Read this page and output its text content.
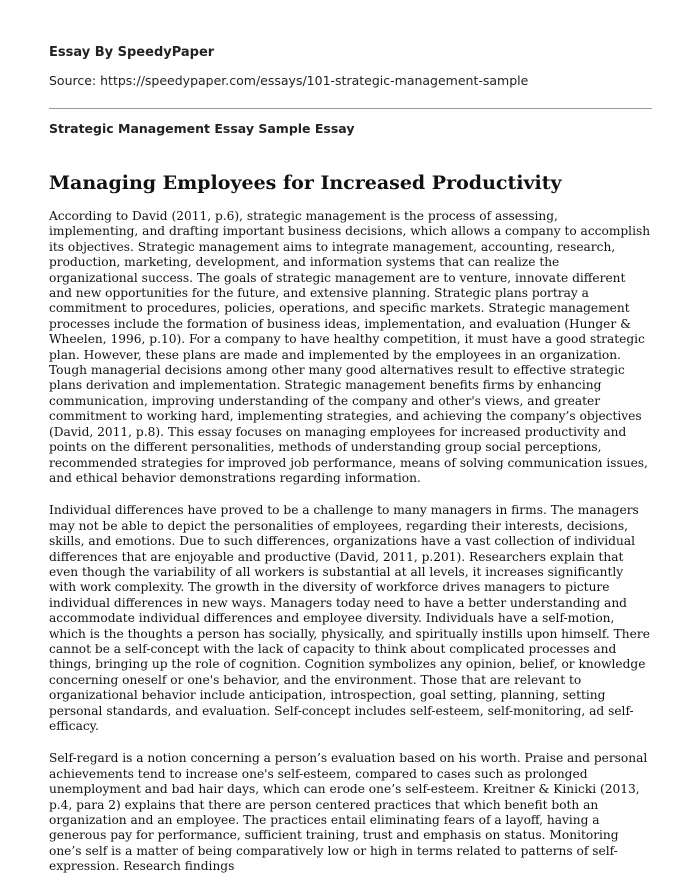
Essay By SpeedyPaper
Source: https://speedypaper.com/essays/101-strategic-management-sample
Strategic Management Essay Sample Essay
Managing Employees for Increased Productivity

According to David (2011, p.6), strategic management is the process of assessing, implementing, and drafting important business decisions, which allows a company to accomplish its objectives. Strategic management aims to integrate management, accounting, research, production, marketing, development, and information systems that can realize the organizational success. The goals of strategic management are to venture, innovate different and new opportunities for the future, and extensive planning. Strategic plans portray a commitment to procedures, policies, operations, and specific markets. Strategic management processes include the formation of business ideas, implementation, and evaluation (Hunger & Wheelen, 1996, p.10). For a company to have healthy competition, it must have a good strategic plan. However, these plans are made and implemented by the employees in an organization. Tough managerial decisions among other many good alternatives result to effective strategic plans derivation and implementation. Strategic management benefits firms by enhancing communication, improving understanding of the company and other's views, and greater commitment to working hard, implementing strategies, and achieving the company’s objectives (David, 2011, p.8). This essay focuses on managing employees for increased productivity and points on the different personalities, methods of understanding group social perceptions, recommended strategies for improved job performance, means of solving communication issues, and ethical behavior demonstrations regarding information.

Individual differences have proved to be a challenge to many managers in firms. The managers may not be able to depict the personalities of employees, regarding their interests, decisions, skills, and emotions. Due to such differences, organizations have a vast collection of individual differences that are enjoyable and productive (David, 2011, p.201). Researchers explain that even though the variability of all workers is substantial at all levels, it increases significantly with work complexity. The growth in the diversity of workforce drives managers to picture individual differences in new ways. Managers today need to have a better understanding and accommodate individual differences and employee diversity. Individuals have a self-motion, which is the thoughts a person has socially, physically, and spiritually instills upon himself. There cannot be a self-concept with the lack of capacity to think about complicated processes and things, bringing up the role of cognition. Cognition symbolizes any opinion, belief, or knowledge concerning oneself or one's behavior, and the environment. Those that are relevant to organizational behavior include anticipation, introspection, goal setting, planning, setting personal standards, and evaluation. Self-concept includes self-esteem, self-monitoring, ad self-efficacy.

Self-regard is a notion concerning a person’s evaluation based on his worth. Praise and personal achievements tend to increase one's self-esteem, compared to cases such as prolonged unemployment and bad hair days, which can erode one’s self-esteem. Kreitner & Kinicki (2013, p.4, para 2) explains that there are person centered practices that which benefit both an organization and an employee. The practices entail eliminating fears of a layoff, having a generous pay for performance, sufficient training, trust and emphasis on status. Monitoring one’s self is a matter of being comparatively low or high in terms related to patterns of self-expression. Research findings
